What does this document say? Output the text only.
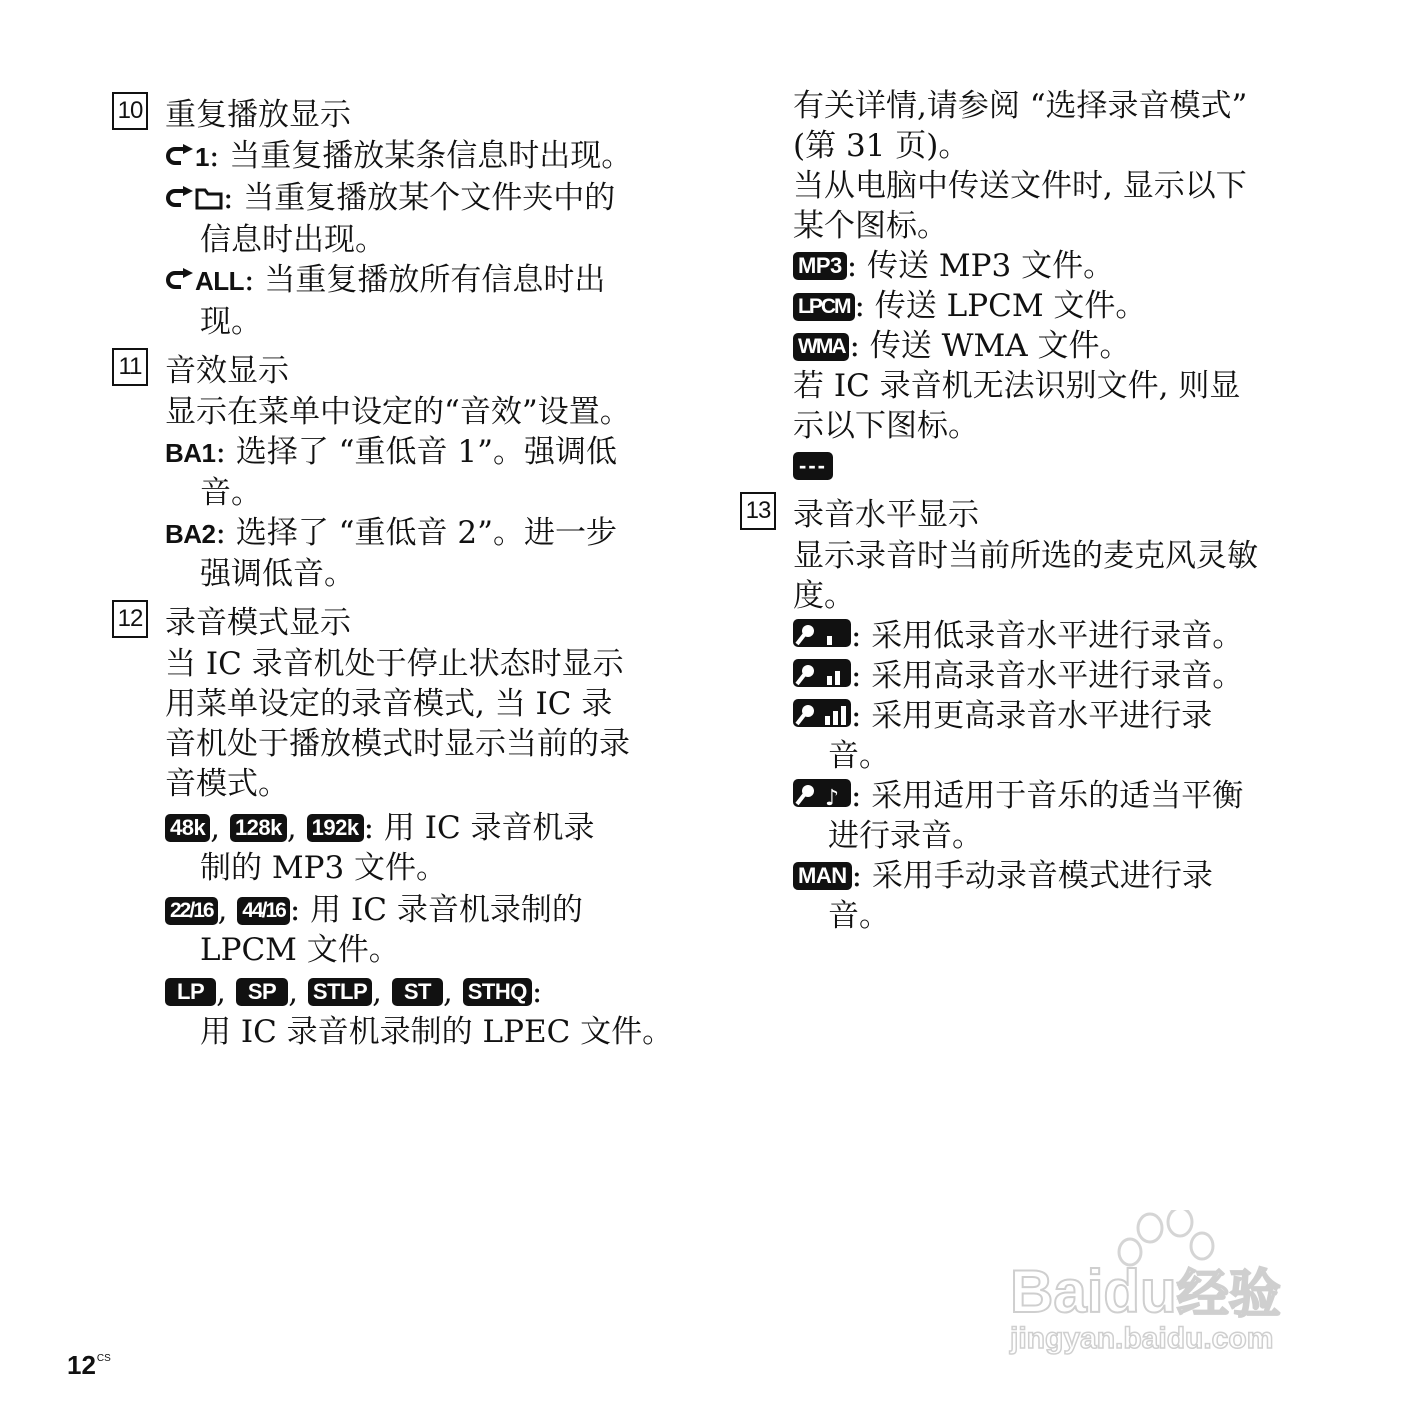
10 重复播放显示
1: 当重复播放某条信息时出现。
: 当重复播放某个文件夹中的
信息时出现。
ALL: 当重复播放所有信息时出
现。
11 音效显示
显示在菜单中设定的“音效”设置。
BA1: 选择了 “重低音 1”。强调低
音。
BA2: 选择了 “重低音 2”。进一步
强调低音。
12 录音模式显示
当 IC 录音机处于停止状态时显示
用菜单设定的录音模式, 当 IC 录
音机处于播放模式时显示当前的录
音模式。
48k , 128k , 192k : 用 IC 录音机录
制的 MP3 文件。
22/16 , 44/16 : 用 IC 录音机录制的
LPCM 文件。
LP , SP , STLP , ST , STHQ :
用 IC 录音机录制的 LPEC 文件。
有关详情,请参阅 “选择录音模式”
(第 31 页)。
当从电脑中传送文件时, 显示以下
某个图标。
MP3 : 传送 MP3 文件。
LPCM : 传送 LPCM 文件。
WMA : 传送 WMA 文件。
若 IC 录音机无法识别文件, 则显
示以下图标。
---
13 录音水平显示
显示录音时当前所选的麦克风灵敏
度。
: 采用低录音水平进行录音。
: 采用高录音水平进行录音。
: 采用更高录音水平进行录
音。
♪ : 采用适用于音乐的适当平衡
进行录音。
MAN : 采用手动录音模式进行录
音。
$12^{CS}$
Baidu经验
jingyan.baidu.com
